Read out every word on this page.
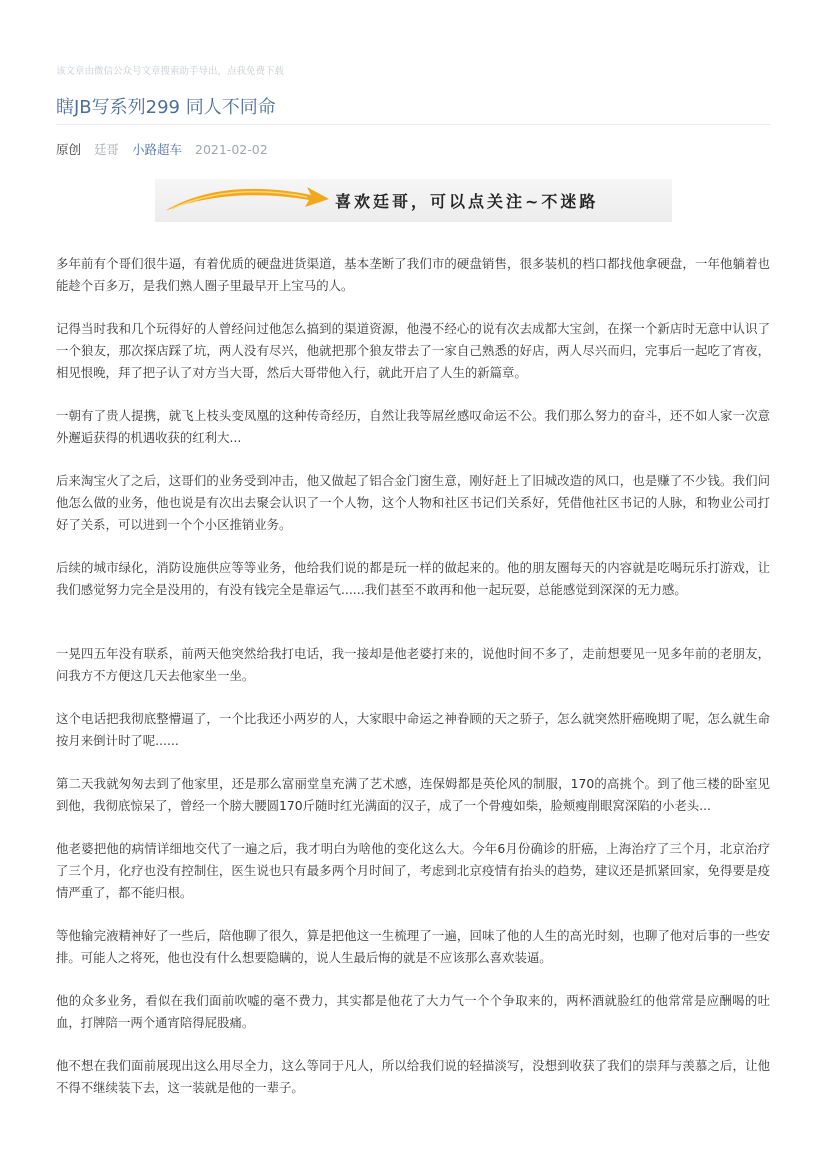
该文章由微信公众号文章搜索助手导出，点我免费下载
瞎JB写系列299 同人不同命
原创 廷哥 小路超车 2021-02-02
喜欢廷哥，可以点关注~不迷路

多年前有个哥们很牛逼，有着优质的硬盘进货渠道，基本垄断了我们市的硬盘销售，很多装机的档口都找他拿硬盘，一年他躺着也能趁个百多万，是我们熟人圈子里最早开上宝马的人。

记得当时我和几个玩得好的人曾经问过他怎么搞到的渠道资源，他漫不经心的说有次去成都大宝剑，在探一个新店时无意中认识了一个狼友，那次探店踩了坑，两人没有尽兴，他就把那个狼友带去了一家自己熟悉的好店，两人尽兴而归，完事后一起吃了宵夜，相见恨晚，拜了把子认了对方当大哥，然后大哥带他入行，就此开启了人生的新篇章。

一朝有了贵人提携，就飞上枝头变凤凰的这种传奇经历，自然让我等屌丝感叹命运不公。我们那么努力的奋斗，还不如人家一次意外邂逅获得的机遇收获的红利大...

后来淘宝火了之后，这哥们的业务受到冲击，他又做起了铝合金门窗生意，刚好赶上了旧城改造的风口，也是赚了不少钱。我们问他怎么做的业务，他也说是有次出去聚会认识了一个人物，这个人物和社区书记们关系好，凭借他社区书记的人脉，和物业公司打好了关系，可以进到一个个小区推销业务。

后续的城市绿化，消防设施供应等等业务，他给我们说的都是玩一样的做起来的。他的朋友圈每天的内容就是吃喝玩乐打游戏，让我们感觉努力完全是没用的，有没有钱完全是靠运气......我们甚至不敢再和他一起玩耍，总能感觉到深深的无力感。

一晃四五年没有联系，前两天他突然给我打电话，我一接却是他老婆打来的，说他时间不多了，走前想要见一见多年前的老朋友，问我方不方便这几天去他家坐一坐。

这个电话把我彻底整懵逼了，一个比我还小两岁的人，大家眼中命运之神眷顾的天之骄子，怎么就突然肝癌晚期了呢，怎么就生命按月来倒计时了呢......

第二天我就匆匆去到了他家里，还是那么富丽堂皇充满了艺术感，连保姆都是英伦风的制服，170的高挑个。到了他三楼的卧室见到他，我彻底惊呆了，曾经一个膀大腰圆170斤随时红光满面的汉子，成了一个骨瘦如柴，脸颊瘦削眼窝深陷的小老头...

他老婆把他的病情详细地交代了一遍之后，我才明白为啥他的变化这么大。今年6月份确诊的肝癌，上海治疗了三个月，北京治疗了三个月，化疗也没有控制住，医生说也只有最多两个月时间了，考虑到北京疫情有抬头的趋势，建议还是抓紧回家，免得要是疫情严重了，都不能归根。

等他输完液精神好了一些后，陪他聊了很久，算是把他这一生梳理了一遍，回味了他的人生的高光时刻，也聊了他对后事的一些安排。可能人之将死，他也没有什么想要隐瞒的，说人生最后悔的就是不应该那么喜欢装逼。

他的众多业务，看似在我们面前吹嘘的毫不费力，其实都是他花了大力气一个个争取来的，两杯酒就脸红的他常常是应酬喝的吐血，打牌陪一两个通宵陪得屁股痛。

他不想在我们面前展现出这么用尽全力，这么等同于凡人，所以给我们说的轻描淡写，没想到收获了我们的崇拜与羡慕之后，让他不得不继续装下去，这一装就是他的一辈子。
